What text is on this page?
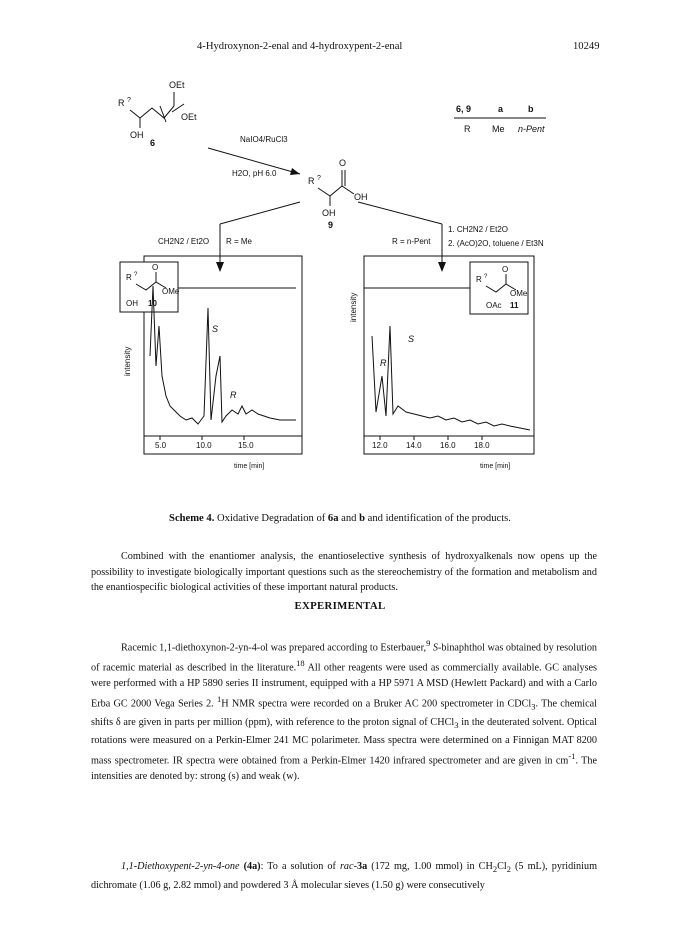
4-Hydroxynon-2-enal and 4-hydroxypent-2-enal	10249
R ?
OEt
OEt
OH
6
6, 9	a	b
R Me n-Pent
NaIO4/RuCl3
H2O, pH 6.0
R ?
O
OH
OH
9
CH2N2 / Et2O R = Me	R = n-Pent
1. CH2N2 / Et2O
2. (AcO)2O, toluene / Et3N
R ?
O
OMe
OH 10
5.0	10.0	15.0
S
R
intensity
time [min]
R ?
O
OMe
OAc 11
12.0 14.0 16.0 18.0
R
S
intensity
time [min]
Scheme 4. Oxidative Degradation of 6a and b and identification of the products.

Combined with the enantiomer analysis, the enantioselective synthesis of hydroxyalkenals now opens up the possibility to investigate biologically important questions such as the stereochemistry of the formation and metabolism and the enantiospecific biological activities of these important natural products.

EXPERIMENTAL

Racemic 1,1-diethoxynon-2-yn-4-ol was prepared according to Esterbauer,$^9$ S-binaphthol was obtained by resolution of racemic material as described in the literature.$^{18}$ All other reagents were used as commercially available. GC analyses were performed with a HP 5890 series II instrument, equipped with a HP 5971 A MSD (Hewlett Packard) and with a Carlo Erba GC 2000 Vega Series 2. $^1$H NMR spectra were recorded on a Bruker AC 200 spectrometer in CDCl$_3$. The chemical shifts δ are given in parts per million (ppm), with reference to the proton signal of CHCl$_3$ in the deuterated solvent. Optical rotations were measured on a Perkin-Elmer 241 MC polarimeter. Mass spectra were determined on a Finnigan MAT 8200 mass spectrometer. IR spectra were obtained from a Perkin-Elmer 1420 infrared spectrometer and are given in $cm^{-1}$. The intensities are denoted by: strong (s) and weak (w).

1,1-Diethoxypent-2-yn-4-one (4a): To a solution of rac-3a (172 mg, 1.00 mmol) in $CH_2Cl_2$ (5 mL), pyridinium dichromate (1.06 g, 2.82 mmol) and powdered 3 Å molecular sieves (1.50 g) were consecutively
